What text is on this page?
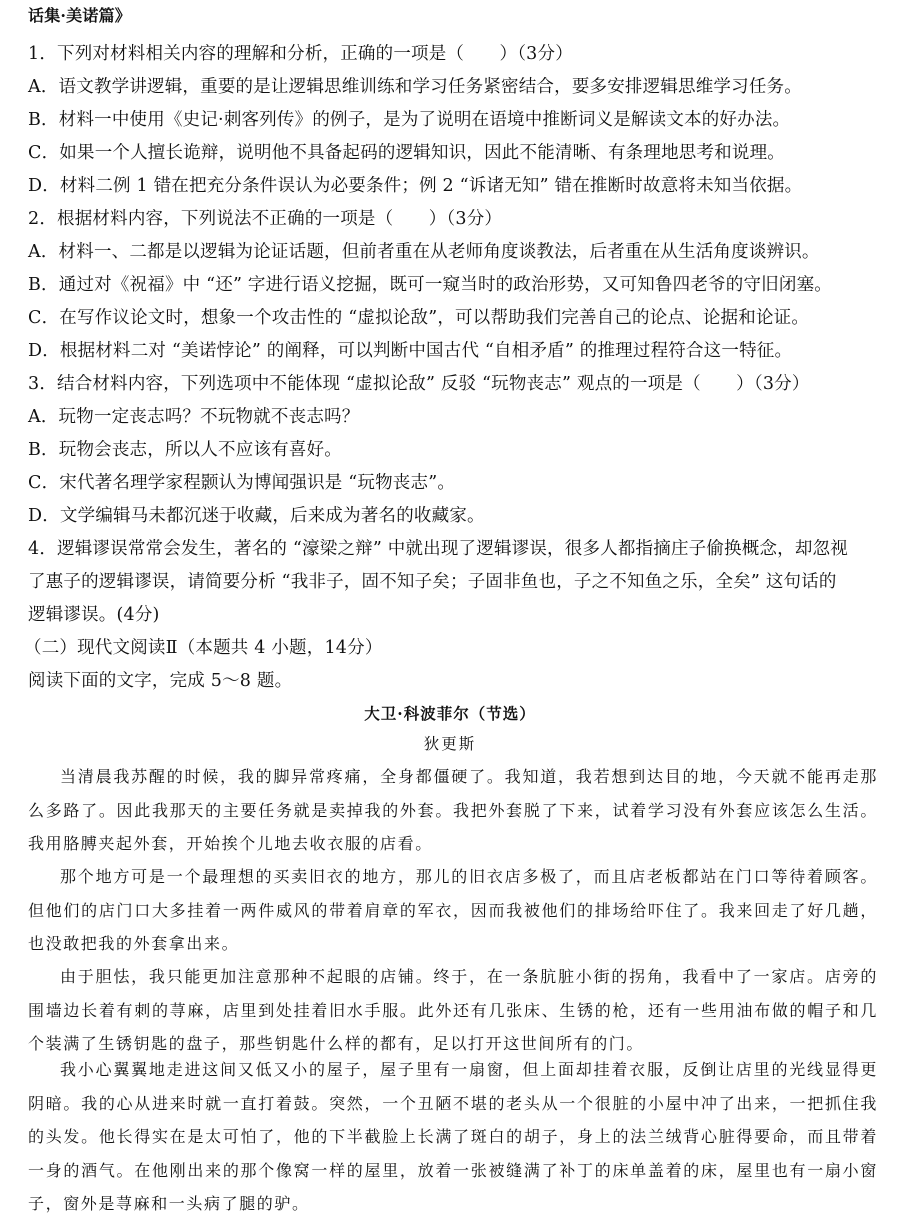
话集·美诺篇》
1．下列对材料相关内容的理解和分析，正确的一项是（　　）（3分）
A．语文教学讲逻辑，重要的是让逻辑思维训练和学习任务紧密结合，要多安排逻辑思维学习任务。
B．材料一中使用《史记·刺客列传》的例子，是为了说明在语境中推断词义是解读文本的好办法。
C．如果一个人擅长诡辩，说明他不具备起码的逻辑知识，因此不能清晰、有条理地思考和说理。
D．材料二例 1 错在把充分条件误认为必要条件；例 2 “诉诸无知” 错在推断时故意将未知当依据。
2．根据材料内容，下列说法不正确的一项是（　　）（3分）
A．材料一、二都是以逻辑为论证话题，但前者重在从老师角度谈教法，后者重在从生活角度谈辨识。
B．通过对《祝福》中 “还” 字进行语义挖掘，既可一窥当时的政治形势，又可知鲁四老爷的守旧闭塞。
C．在写作议论文时，想象一个攻击性的 “虚拟论敌”，可以帮助我们完善自己的论点、论据和论证。
D．根据材料二对 “美诺悖论” 的阐释，可以判断中国古代 “自相矛盾” 的推理过程符合这一特征。
3．结合材料内容，下列选项中不能体现 “虚拟论敌” 反驳 “玩物丧志” 观点的一项是（　　）（3分）
A．玩物一定丧志吗？不玩物就不丧志吗？
B．玩物会丧志，所以人不应该有喜好。
C．宋代著名理学家程颢认为博闻强识是 “玩物丧志”。
D．文学编辑马未都沉迷于收藏，后来成为著名的收藏家。
4．逻辑谬误常常会发生，著名的 “濠梁之辩” 中就出现了逻辑谬误，很多人都指摘庄子偷换概念，却忽视
了惠子的逻辑谬误，请简要分析 “我非子，固不知子矣；子固非鱼也，子之不知鱼之乐，全矣” 这句话的
逻辑谬误。(4分)
（二）现代文阅读Ⅱ（本题共 4 小题，14分）
阅读下面的文字，完成 5～8 题。
大卫·科波菲尔（节选）
狄更斯
当清晨我苏醒的时候，我的脚异常疼痛，全身都僵硬了。我知道，我若想到达目的地，今天就不能再走那么多路了。因此我那天的主要任务就是卖掉我的外套。我把外套脱了下来，试着学习没有外套应该怎么生活。我用胳膊夹起外套，开始挨个儿地去收衣服的店看。
那个地方可是一个最理想的买卖旧衣的地方，那儿的旧衣店多极了，而且店老板都站在门口等待着顾客。但他们的店门口大多挂着一两件威风的带着肩章的军衣，因而我被他们的排场给吓住了。我来回走了好几趟，也没敢把我的外套拿出来。
由于胆怯，我只能更加注意那种不起眼的店铺。终于，在一条肮脏小街的拐角，我看中了一家店。店旁的围墙边长着有刺的荨麻，店里到处挂着旧水手服。此外还有几张床、生锈的枪，还有一些用油布做的帽子和几个装满了生锈钥匙的盘子，那些钥匙什么样的都有，足以打开这世间所有的门。
我小心翼翼地走进这间又低又小的屋子，屋子里有一扇窗，但上面却挂着衣服，反倒让店里的光线显得更阴暗。我的心从进来时就一直打着鼓。突然，一个丑陋不堪的老头从一个很脏的小屋中冲了出来，一把抓住我的头发。他长得实在是太可怕了，他的下半截脸上长满了斑白的胡子，身上的法兰绒背心脏得要命，而且带着一身的酒气。在他刚出来的那个像窝一样的屋里，放着一张被缝满了补丁的床单盖着的床，屋里也有一扇小窗子，窗外是荨麻和一头病了腿的驴。
